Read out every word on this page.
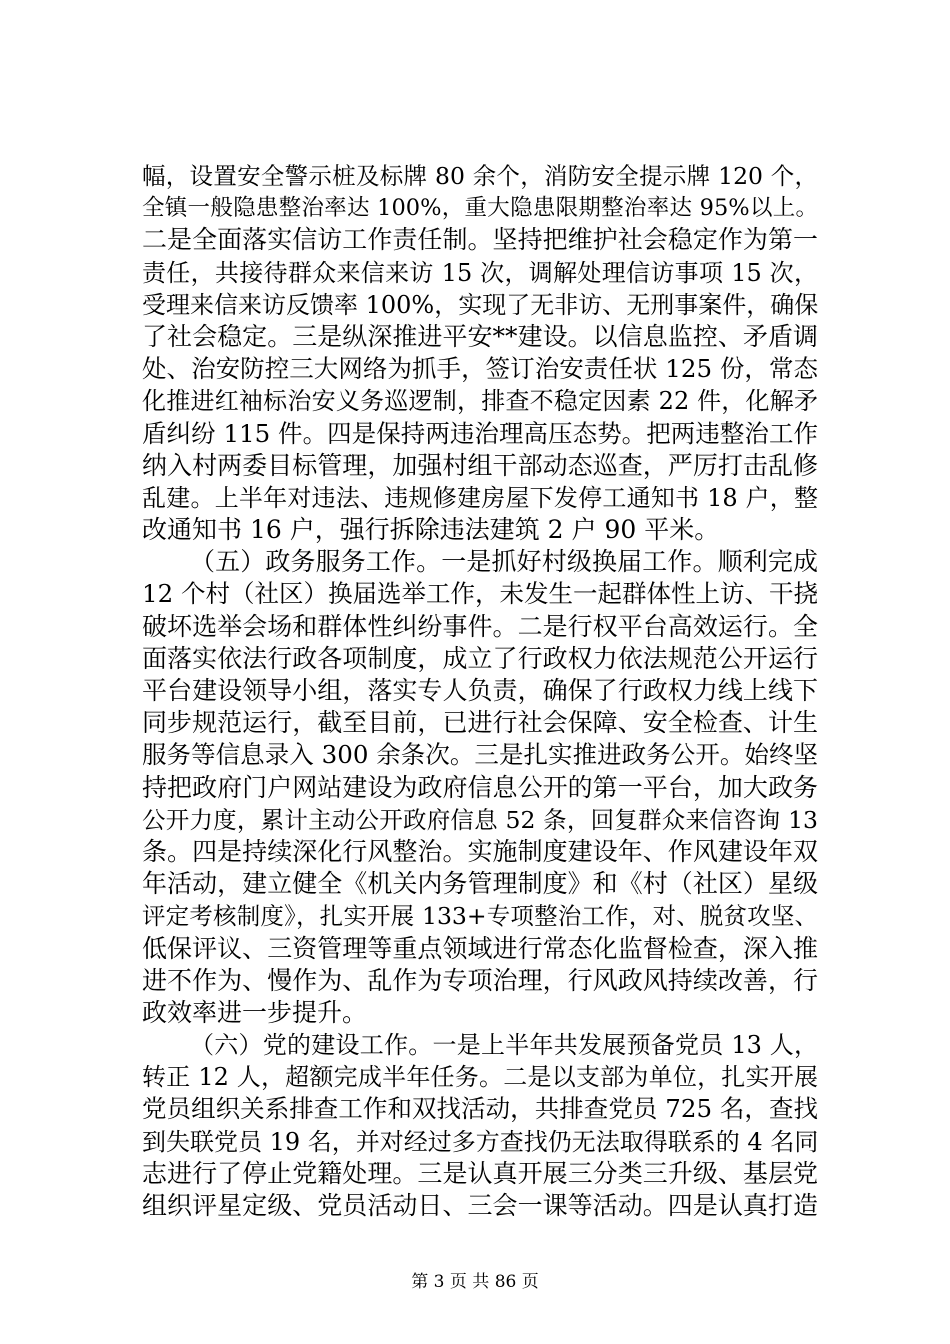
幅，设置安全警示桩及标牌 80 余个，消防安全提示牌 120 个，
全镇一般隐患整治率达 100%，重大隐患限期整治率达 95%以上。
二是全面落实信访工作责任制。坚持把维护社会稳定作为第一
责任，共接待群众来信来访 15 次，调解处理信访事项 15 次，
受理来信来访反馈率 100%，实现了无非访、无刑事案件，确保
了社会稳定。三是纵深推进平安**建设。以信息监控、矛盾调
处、治安防控三大网络为抓手，签订治安责任状 125 份，常态
化推进红袖标治安义务巡逻制，排查不稳定因素 22 件，化解矛
盾纠纷 115 件。四是保持两违治理高压态势。把两违整治工作
纳入村两委目标管理，加强村组干部动态巡查，严厉打击乱修
乱建。上半年对违法、违规修建房屋下发停工通知书 18 户，整
改通知书 16 户，强行拆除违法建筑 2 户 90 平米。
（五）政务服务工作。一是抓好村级换届工作。顺利完成
12 个村（社区）换届选举工作，未发生一起群体性上访、干挠
破坏选举会场和群体性纠纷事件。二是行权平台高效运行。全
面落实依法行政各项制度，成立了行政权力依法规范公开运行
平台建设领导小组，落实专人负责，确保了行政权力线上线下
同步规范运行，截至目前，已进行社会保障、安全检查、计生
服务等信息录入 300 余条次。三是扎实推进政务公开。始终坚
持把政府门户网站建设为政府信息公开的第一平台，加大政务
公开力度，累计主动公开政府信息 52 条，回复群众来信咨询 13
条。四是持续深化行风整治。实施制度建设年、作风建设年双
年活动，建立健全《机关内务管理制度》和《村（社区）星级
评定考核制度》，扎实开展 133+专项整治工作，对、脱贫攻坚、
低保评议、三资管理等重点领域进行常态化监督检查，深入推
进不作为、慢作为、乱作为专项治理，行风政风持续改善，行
政效率进一步提升。
（六）党的建设工作。一是上半年共发展预备党员 13 人，
转正 12 人，超额完成半年任务。二是以支部为单位，扎实开展
党员组织关系排查工作和双找活动，共排查党员 725 名，查找
到失联党员 19 名，并对经过多方查找仍无法取得联系的 4 名同
志进行了停止党籍处理。三是认真开展三分类三升级、基层党
组织评星定级、党员活动日、三会一课等活动。四是认真打造
第 3 页 共 86 页
